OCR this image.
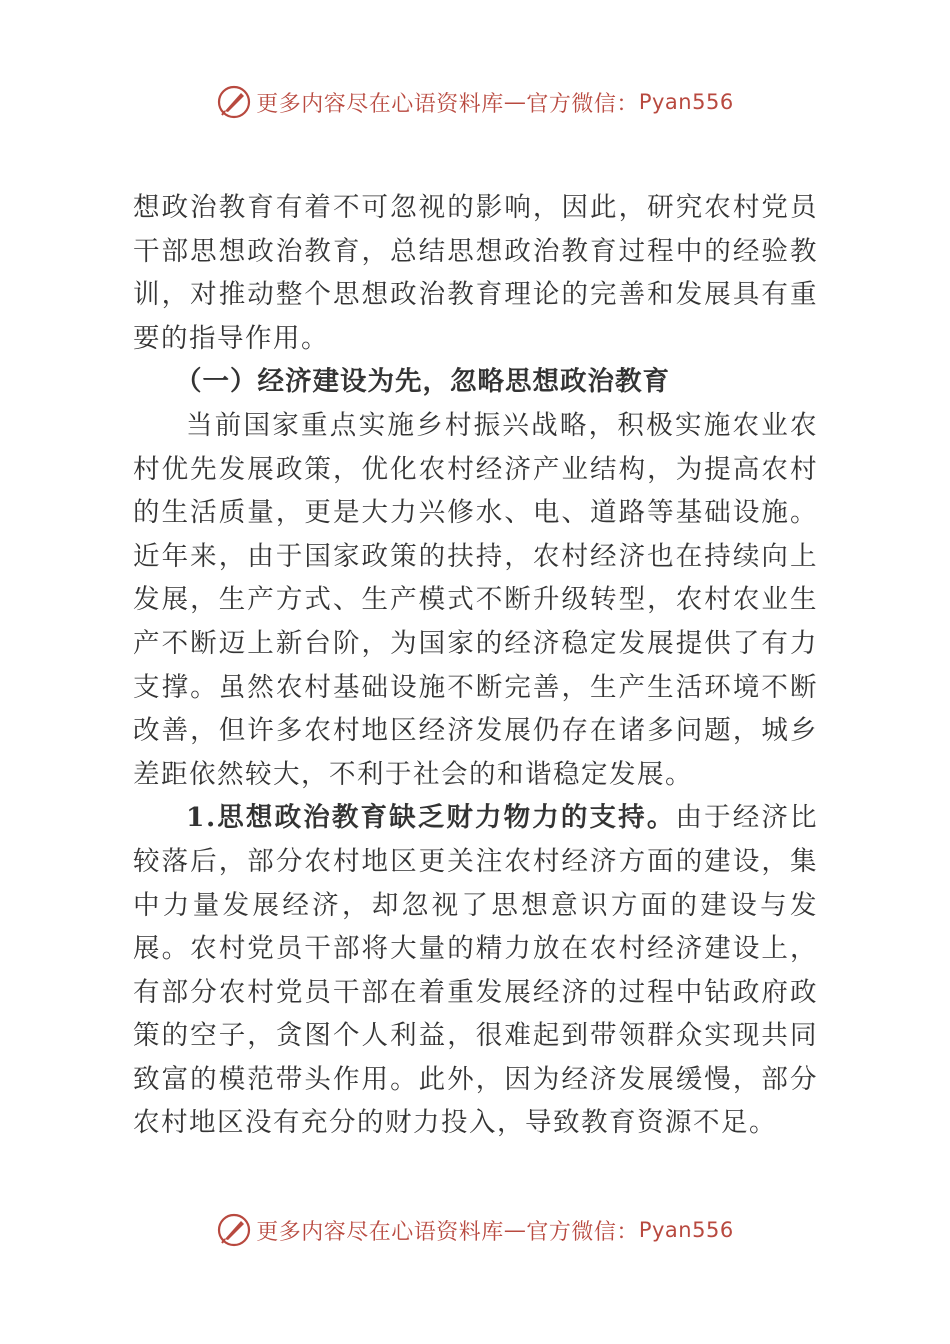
更多内容尽在心语资料库 — 官方微信： Pyan556

想政治教育有着不可忽视的影响，因此，研究农村党员干部思想政治教育，总结思想政治教育过程中的经验教训，对推动整个思想政治教育理论的完善和发展具有重要的指导作用。

（一）经济建设为先，忽略思想政治教育

当前国家重点实施乡村振兴战略，积极实施农业农村优先发展政策，优化农村经济产业结构，为提高农村的生活质量，更是大力兴修水、电、道路等基础设施。近年来，由于国家政策的扶持，农村经济也在持续向上发展，生产方式、生产模式不断升级转型，农村农业生产不断迈上新台阶，为国家的经济稳定发展提供了有力支撑。虽然农村基础设施不断完善，生产生活环境不断改善，但许多农村地区经济发展仍存在诸多问题，城乡差距依然较大，不利于社会的和谐稳定发展。

1.思想政治教育缺乏财力物力的支持。由于经济比较落后，部分农村地区更关注农村经济方面的建设，集中力量发展经济，却忽视了思想意识方面的建设与发展。农村党员干部将大量的精力放在农村经济建设上，有部分农村党员干部在着重发展经济的过程中钻政府政策的空子，贪图个人利益，很难起到带领群众实现共同致富的模范带头作用。此外，因为经济发展缓慢，部分农村地区没有充分的财力投入，导致教育资源不足。

更多内容尽在心语资料库 — 官方微信： Pyan556
